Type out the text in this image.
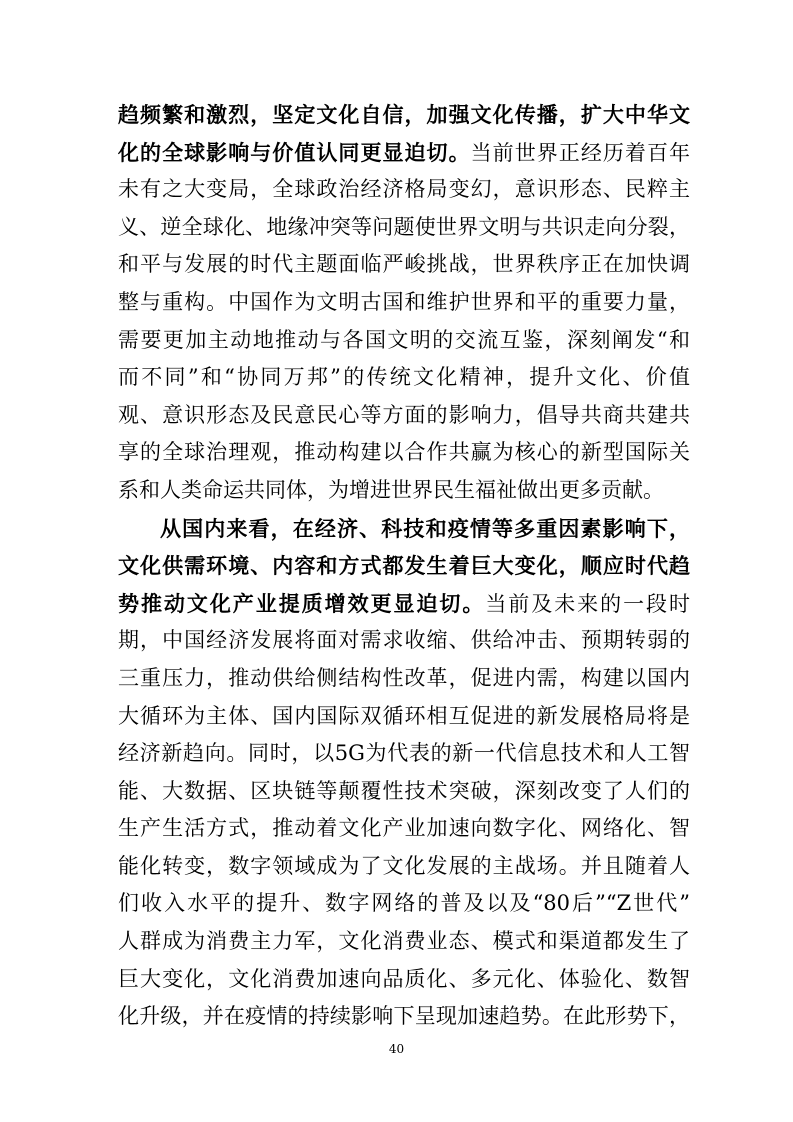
趋频繁和激烈，坚定文化自信，加强文化传播，扩大中华文
化的全球影响与价值认同更显迫切。当前世界正经历着百年
未有之大变局，全球政治经济格局变幻，意识形态、民粹主
义、逆全球化、地缘冲突等问题使世界文明与共识走向分裂，
和平与发展的时代主题面临严峻挑战，世界秩序正在加快调
整与重构。中国作为文明古国和维护世界和平的重要力量，
需要更加主动地推动与各国文明的交流互鉴，深刻阐发“和
而不同”和“协同万邦”的传统文化精神，提升文化、价值
观、意识形态及民意民心等方面的影响力，倡导共商共建共
享的全球治理观，推动构建以合作共赢为核心的新型国际关
系和人类命运共同体，为增进世界民生福祉做出更多贡献。
从国内来看，在经济、科技和疫情等多重因素影响下，
文化供需环境、内容和方式都发生着巨大变化，顺应时代趋
势推动文化产业提质增效更显迫切。当前及未来的一段时
期，中国经济发展将面对需求收缩、供给冲击、预期转弱的
三重压力，推动供给侧结构性改革，促进内需，构建以国内
大循环为主体、国内国际双循环相互促进的新发展格局将是
经济新趋向。同时，以5G为代表的新一代信息技术和人工智
能、大数据、区块链等颠覆性技术突破，深刻改变了人们的
生产生活方式，推动着文化产业加速向数字化、网络化、智
能化转变，数字领域成为了文化发展的主战场。并且随着人
们收入水平的提升、数字网络的普及以及“80后”“Z世代”
人群成为消费主力军，文化消费业态、模式和渠道都发生了
巨大变化，文化消费加速向品质化、多元化、体验化、数智
化升级，并在疫情的持续影响下呈现加速趋势。在此形势下，
40
